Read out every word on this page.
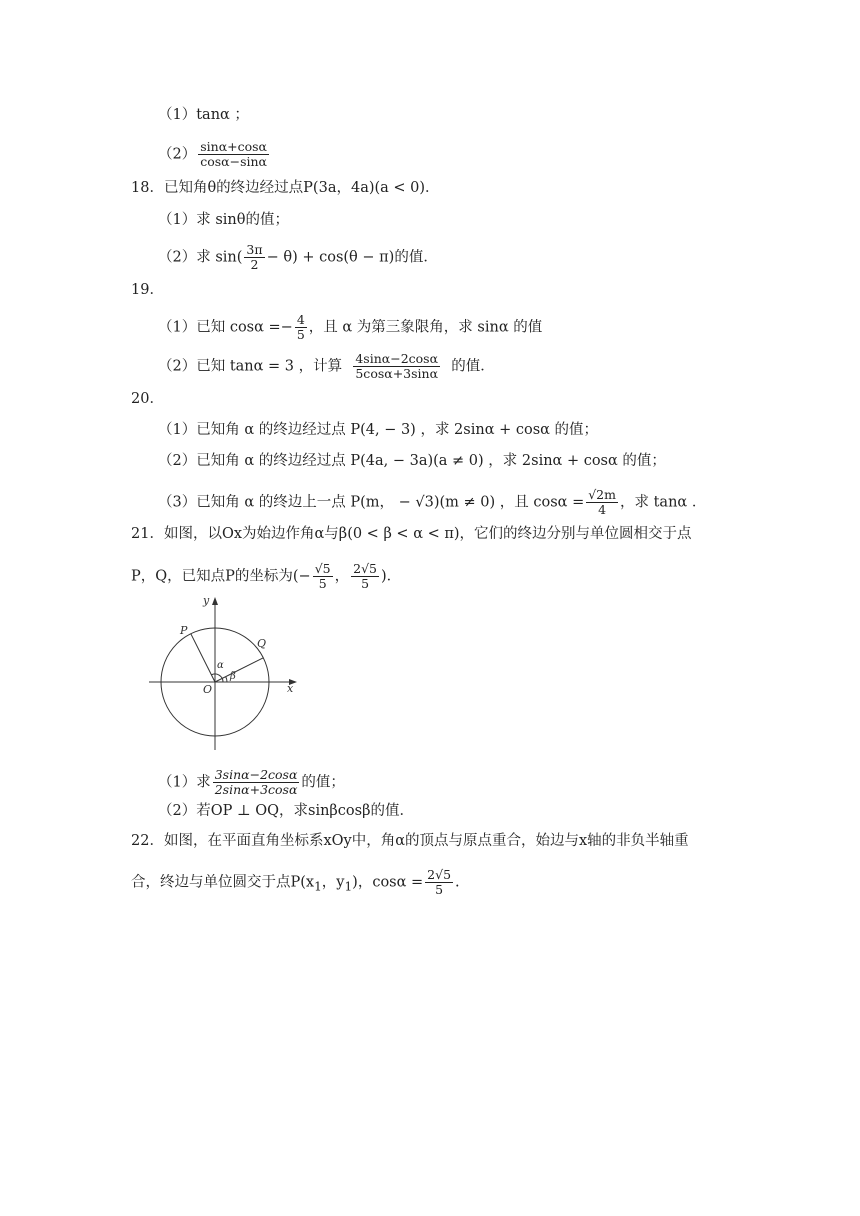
（1）tanα ；
$(2) \frac{\sin\alpha+\cos\alpha}{\cos\alpha-\sin\alpha}$
18．已知角θ的终边经过点P(3a，4a)(a < 0)．
（1）求 sinθ的值；
（2）求 $\sin( \frac{3\pi}{2} - \theta) + \cos(\theta - \pi)$的值．
19．
（1）已知 $\cos\alpha =- \frac{4}{5}$ ，且 α 为第三象限角，求 sinα 的值
（2）已知 tanα = 3 ，计算 $\frac{4\sin\alpha-2\cos\alpha}{5\cos\alpha+3\sin\alpha}$ 的值．
20．
（1）已知角 α 的终边经过点 P(4, − 3) ，求 2sinα + cosα 的值；
（2）已知角 α 的终边经过点 P(4a, − 3a)(a ≠ 0) ，求 2sinα + cosα 的值；
（3）已知角 α 的终边上一点 P(m， − √3)(m ≠ 0) ，且 $\cos\alpha = \frac{√2m}{4}$ ，求 tanα ．
21．如图，以Ox为始边作角α与β(0 < β < α < π)，它们的终边分别与单位圆相交于点
P，Q，已知点P的坐标为(− $\frac{√5}{5}$ ， $\frac{2√5}{5}$ )．
y
x
O
P
Q
α
β
（1）求 $\frac{3\sin\alpha-2\cos\alpha}{2\sin\alpha+3\cos\alpha}$ 的值；
（2）若OP ⊥ OQ，求sinβcosβ的值．
22．如图，在平面直角坐标系xOy中，角α的顶点与原点重合，始边与x轴的非负半轴重
合，终边与单位圆交于点$P(x_1$，$y_1$)，$\cos\alpha = \frac{2√5}{5}$ .
